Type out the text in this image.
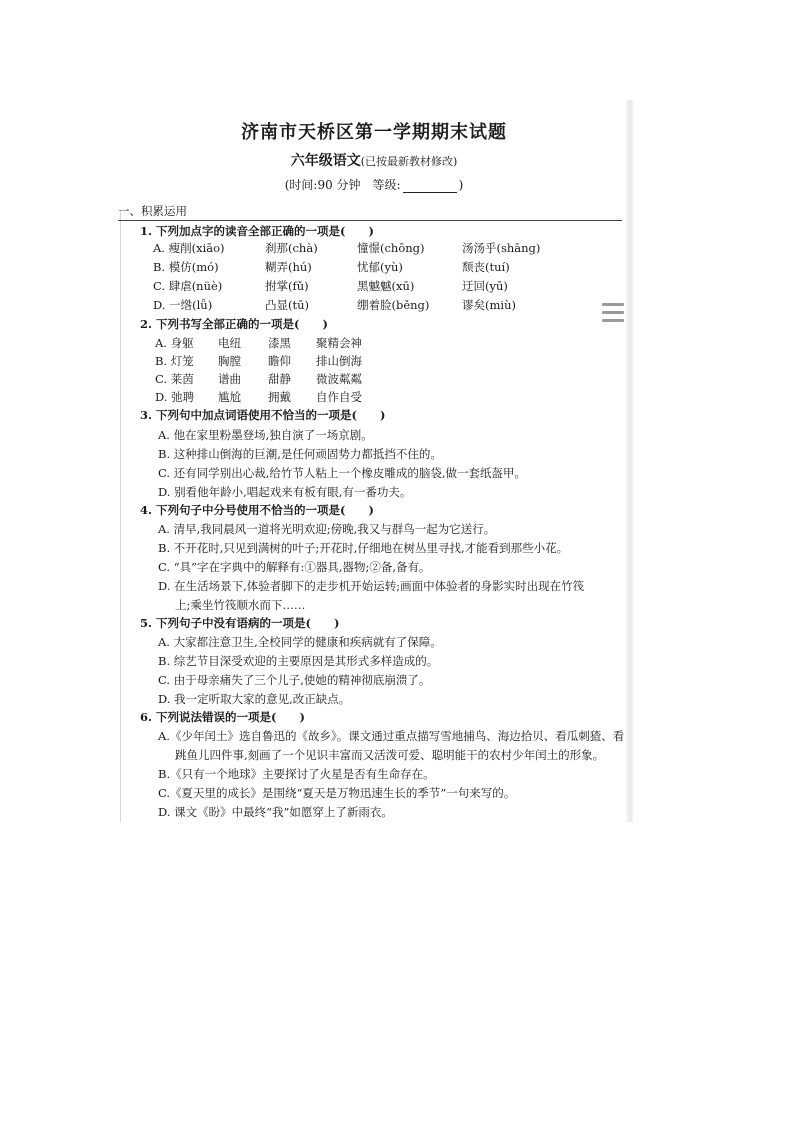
济南市天桥区第一学期期末试题
六年级语文(已按最新教材修改)
(时间:90 分钟　等级:	)
一、积累运用
1. 下列加点字的读音全部正确的一项是(　　)
A. 瘦削(xiāo)	刹那(chà)	憧憬(chōng)	汤汤乎(shāng)
B. 模仿(mó)	糊弄(hú)	忧郁(yù)	颓丧(tuí)
C. 肆虐(nüè)	拊掌(fǔ)	黑魆魆(xū)	迂回(yū)
D. 一绺(lǚ)	凸显(tū)	绷着脸(běng)	谬矣(miù)
2. 下列书写全部正确的一项是(　　)
A. 身躯 电纽 漆黑 聚精会神
B. 灯笼 胸膛 瞻仰 排山倒海
C. 莱茵 谱曲 甜静 微波粼粼
D. 弛聘 尴尬 拥戴 自作自受
3. 下列句中加点词语使用不恰当的一项是(　　)
A. 他在家里粉墨登场,独自演了一场京剧。
B. 这种排山倒海的巨潮,是任何顽固势力都抵挡不住的。
C. 还有同学别出心裁,给竹节人粘上一个橡皮雕成的脑袋,做一套纸盔甲。
D. 别看他年龄小,唱起戏来有板有眼,有一番功夫。
4. 下列句子中分号使用不恰当的一项是(　　)
A. 清早,我同晨风一道将光明欢迎;傍晚,我又与群鸟一起为它送行。
B. 不开花时,只见到满树的叶子;开花时,仔细地在树丛里寻找,才能看到那些小花。
C. “具”字在字典中的解释有:①器具,器物;②备,备有。
D. 在生活场景下,体验者脚下的走步机开始运转;画面中体验者的身影实时出现在竹筏
上;乘坐竹筏顺水而下……
5. 下列句子中没有语病的一项是(　　)
A. 大家都注意卫生,全校同学的健康和疾病就有了保障。
B. 综艺节目深受欢迎的主要原因是其形式多样造成的。
C. 由于母亲痛失了三个儿子,使她的精神彻底崩溃了。
D. 我一定听取大家的意见,改正缺点。
6. 下列说法错误的一项是(　　)
A.《少年闰土》选自鲁迅的《故乡》。课文通过重点描写雪地捕鸟、海边拾贝、看瓜刺猹、看
跳鱼儿四件事,刻画了一个见识丰富而又活泼可爱、聪明能干的农村少年闰土的形象。
B.《只有一个地球》主要探讨了火星是否有生命存在。
C.《夏天里的成长》是围绕“夏天是万物迅速生长的季节”一句来写的。
D. 课文《盼》中最终“我”如愿穿上了新雨衣。
